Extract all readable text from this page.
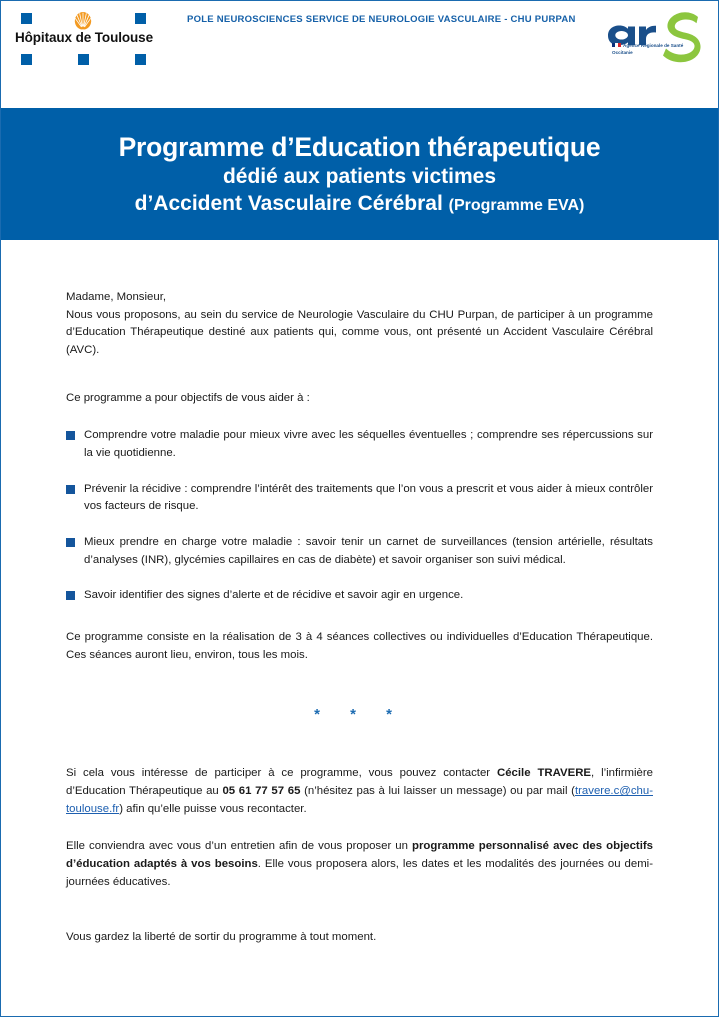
Hôpitaux de Toulouse
POLE NEUROSCIENCES SERVICE DE NEUROLOGIE VASCULAIRE - CHU PURPAN
Agence Régionale de Santé
Occitanie
Programme d’Education thérapeutique
dédié aux patients victimes
d’Accident Vasculaire Cérébral (Programme EVA)

Madame, Monsieur,

Nous vous proposons, au sein du service de Neurologie Vasculaire du CHU Purpan, de participer à un programme d’Education Thérapeutique destiné aux patients qui, comme vous, ont présenté un Accident Vasculaire Cérébral (AVC).

Ce programme a pour objectifs de vous aider à :

Comprendre votre maladie pour mieux vivre avec les séquelles éventuelles ; comprendre ses répercussions sur la vie quotidienne.
Prévenir la récidive : comprendre l’intérêt des traitements que l’on vous a prescrit et vous aider à mieux contrôler vos facteurs de risque.
Mieux prendre en charge votre maladie : savoir tenir un carnet de surveillances (tension artérielle, résultats d’analyses (INR), glycémies capillaires en cas de diabète) et savoir organiser son suivi médical.
Savoir identifier des signes d’alerte et de récidive et savoir agir en urgence.

Ce programme consiste en la réalisation de 3 à 4 séances collectives ou individuelles d’Education Thérapeutique. Ces séances auront lieu, environ, tous les mois.

* * *

Si cela vous intéresse de participer à ce programme, vous pouvez contacter Cécile TRAVERE, l’infirmière d’Education Thérapeutique au 05 61 77 57 65 (n’hésitez pas à lui laisser un message) ou par mail (travere.c@chu-toulouse.fr) afin qu’elle puisse vous recontacter.

Elle conviendra avec vous d’un entretien afin de vous proposer un programme personnalisé avec des objectifs d’éducation adaptés à vos besoins. Elle vous proposera alors, les dates et les modalités des journées ou demi-journées éducatives.

Vous gardez la liberté de sortir du programme à tout moment.
